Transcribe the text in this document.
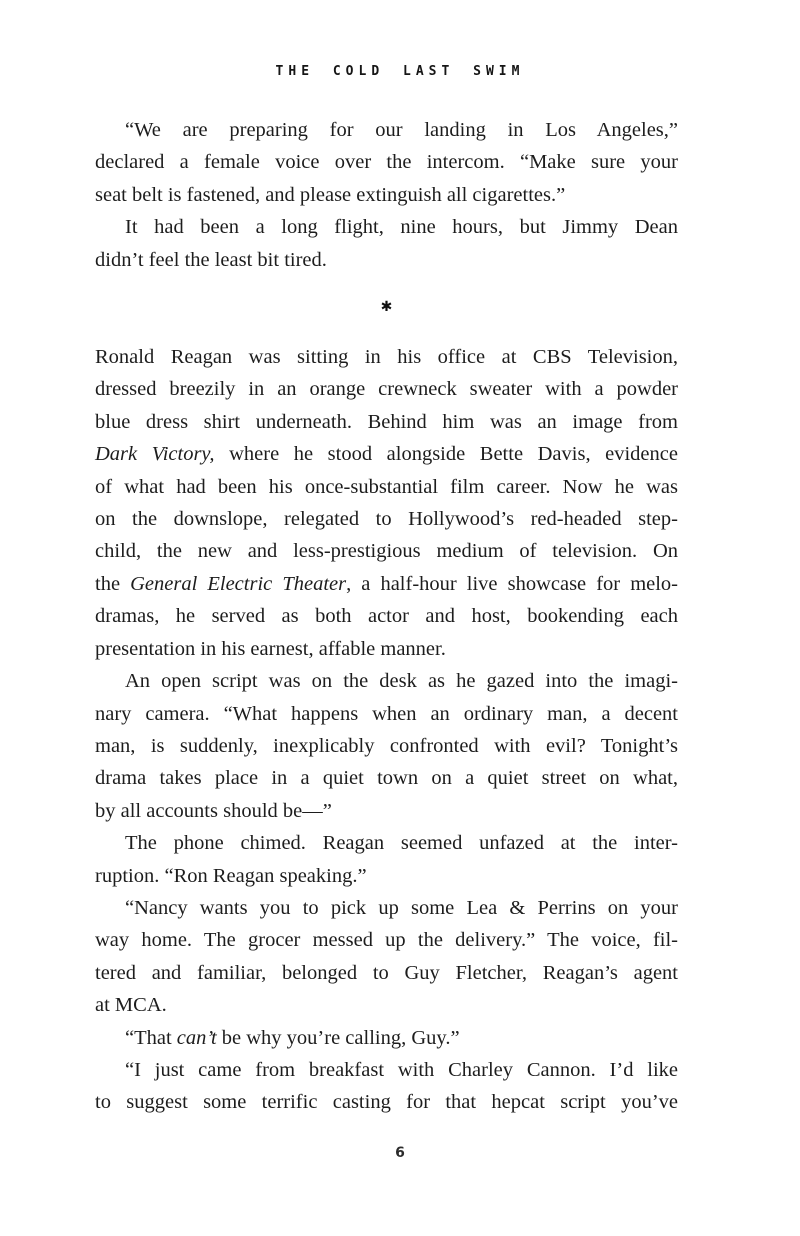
THE COLD LAST SWIM
“We are preparing for our landing in Los Angeles,”
declared a female voice over the intercom. “Make sure your
seat belt is fastened, and please extinguish all cigarettes.”
It had been a long flight, nine hours, but Jimmy Dean
didn’t feel the least bit tired.
✱
Ronald Reagan was sitting in his office at CBS Television,
dressed breezily in an orange crewneck sweater with a powder
blue dress shirt underneath. Behind him was an image from
Dark Victory, where he stood alongside Bette Davis, evidence
of what had been his once-substantial film career. Now he was
on the downslope, relegated to Hollywood’s red-headed step-
child, the new and less-prestigious medium of television. On
the General Electric Theater, a half-hour live showcase for melo-
dramas, he served as both actor and host, bookending each
presentation in his earnest, affable manner.
An open script was on the desk as he gazed into the imagi-
nary camera. “What happens when an ordinary man, a decent
man, is suddenly, inexplicably confronted with evil? Tonight’s
drama takes place in a quiet town on a quiet street on what,
by all accounts should be—”
The phone chimed. Reagan seemed unfazed at the inter-
ruption. “Ron Reagan speaking.”
“Nancy wants you to pick up some Lea & Perrins on your
way home. The grocer messed up the delivery.” The voice, fil-
tered and familiar, belonged to Guy Fletcher, Reagan’s agent
at MCA.
“That can’t be why you’re calling, Guy.”
“I just came from breakfast with Charley Cannon. I’d like
to suggest some terrific casting for that hepcat script you’ve
6
